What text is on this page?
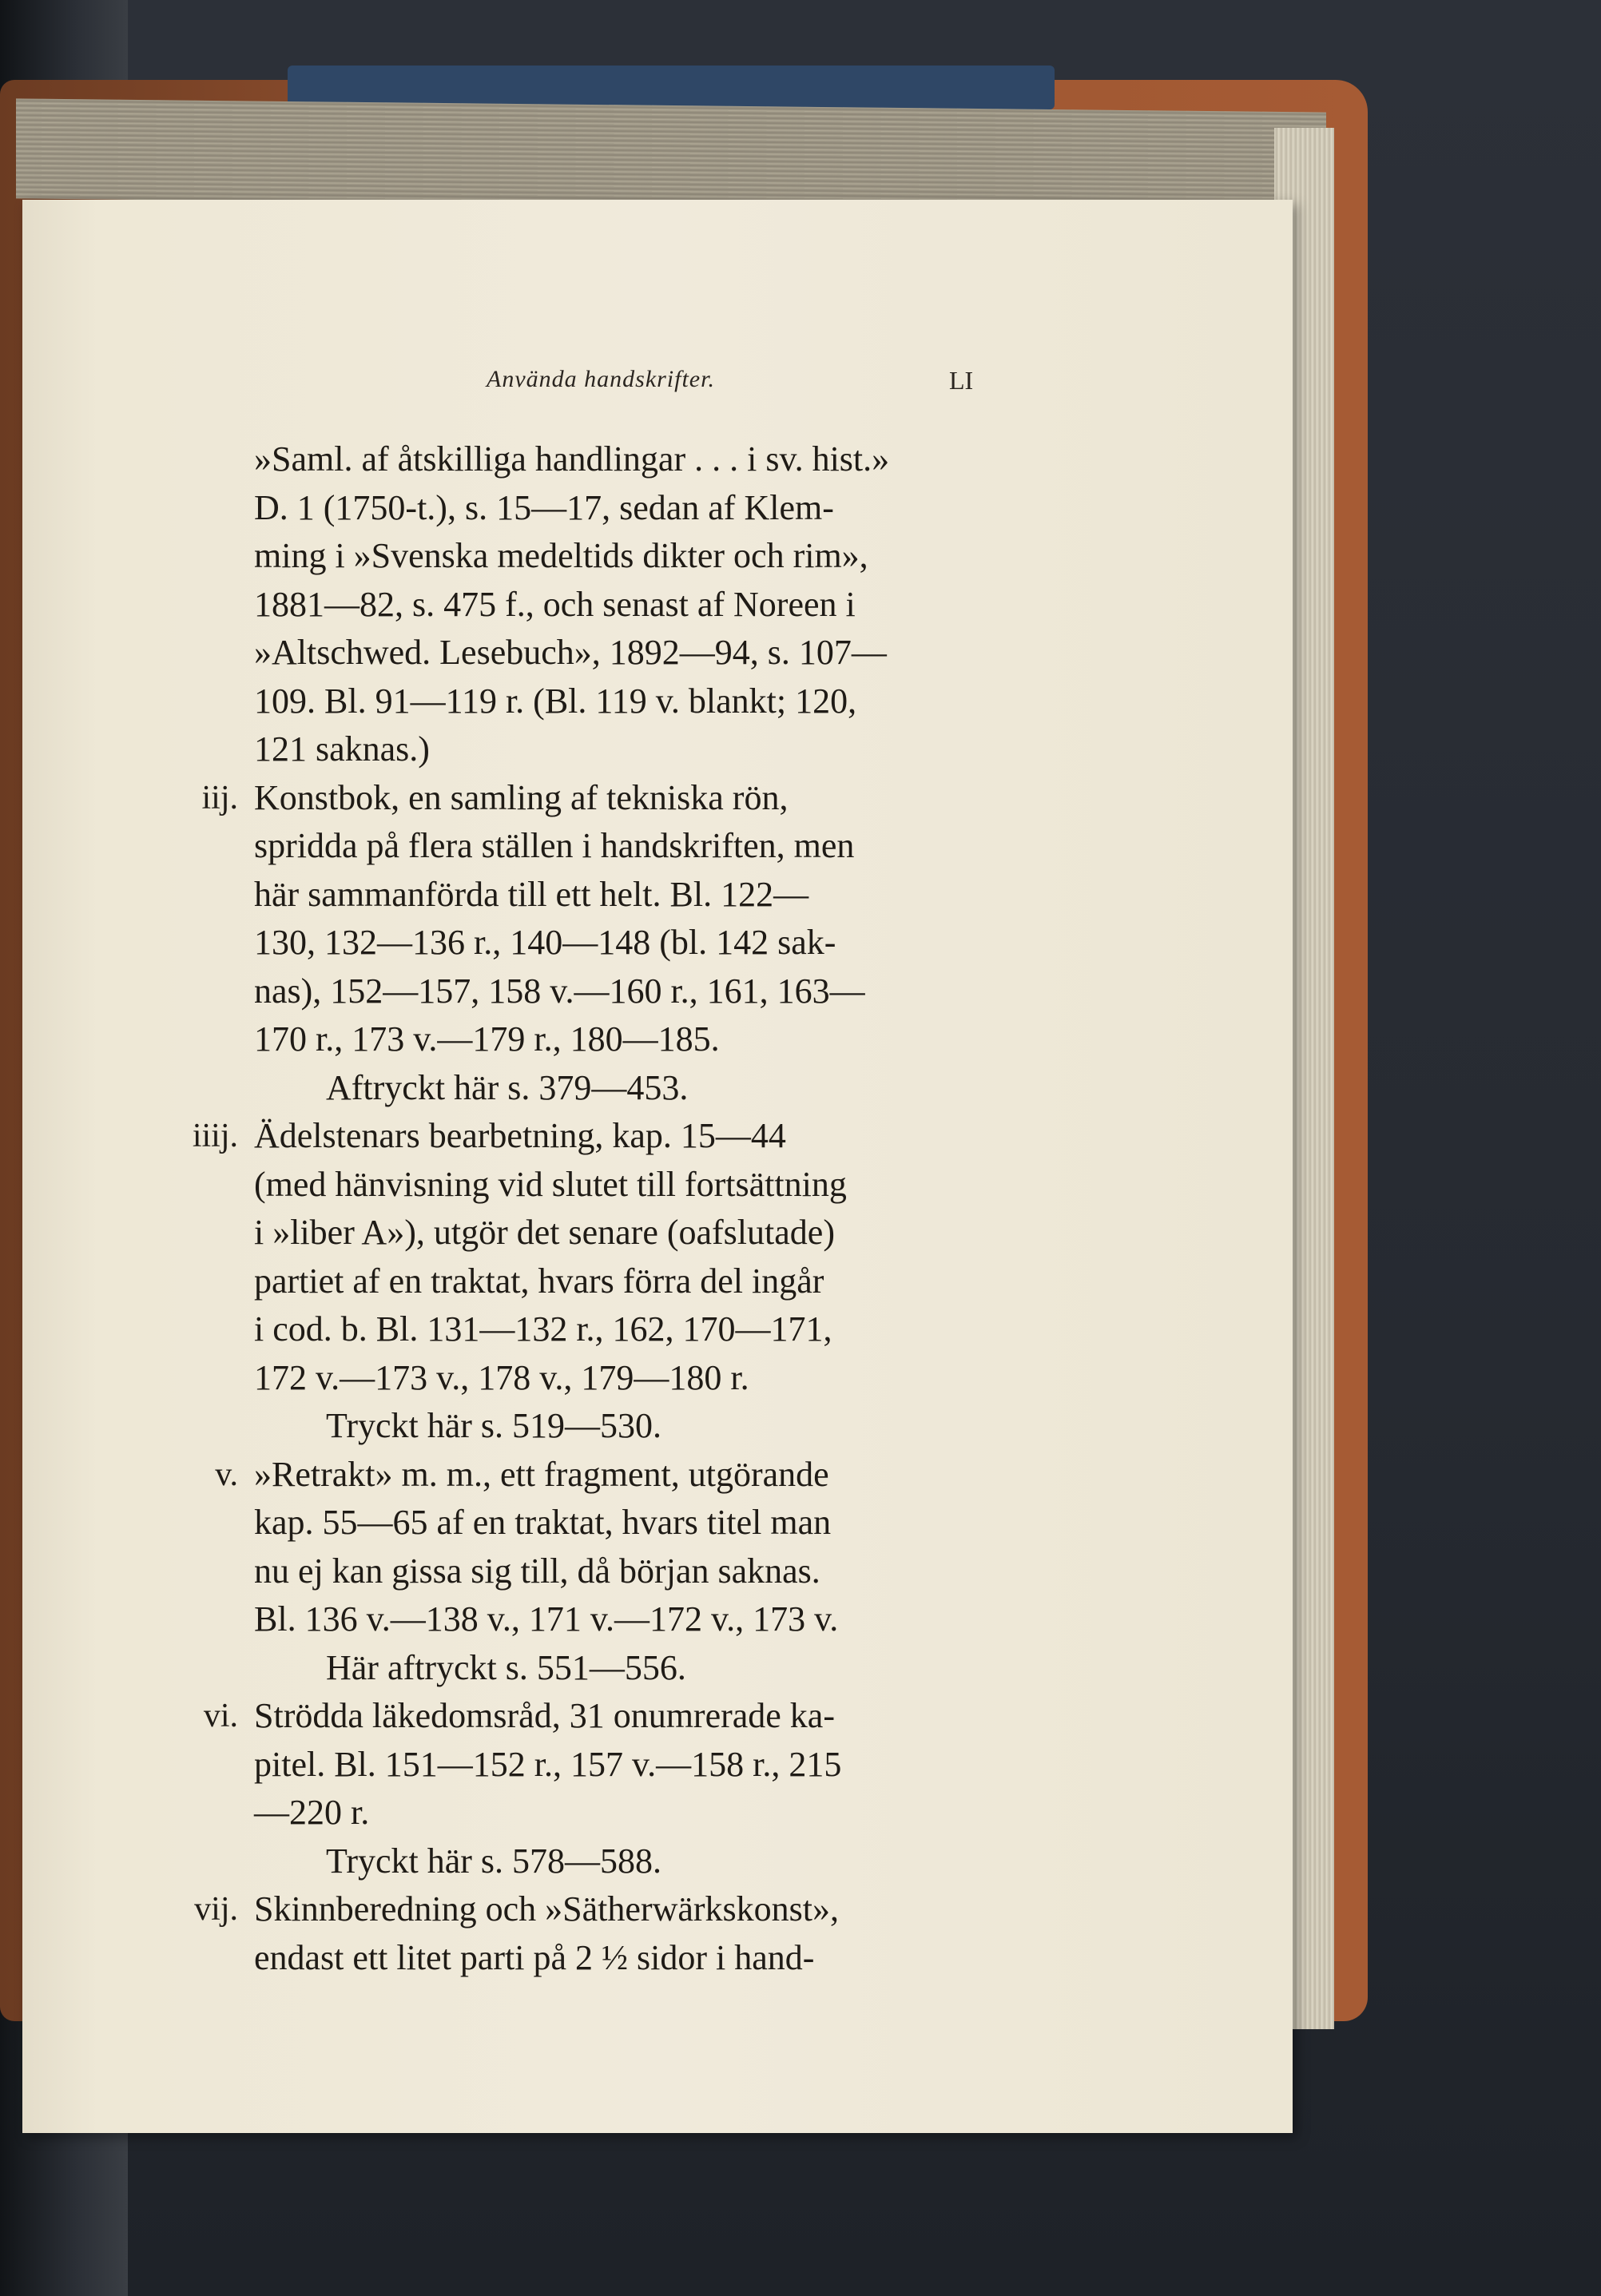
Använda handskrifter.	LI
»Saml. af åtskilliga handlingar . . . i sv. hist.»
D. 1 (1750-t.), s. 15—17, sedan af Klem-
ming i »Svenska medeltids dikter och rim»,
1881—82, s. 475 f., och senast af Noreen i
»Altschwed. Lesebuch», 1892—94, s. 107—
109. Bl. 91—119 r. (Bl. 119 v. blankt; 120,
121 saknas.)
iij. Konstbok, en samling af tekniska rön,
spridda på flera ställen i handskriften, men
här sammanförda till ett helt. Bl. 122—
130, 132—136 r., 140—148 (bl. 142 sak-
nas), 152—157, 158 v.—160 r., 161, 163—
170 r., 173 v.—179 r., 180—185.
Aftryckt här s. 379—453.
iiij. Ädelstenars bearbetning, kap. 15—44
(med hänvisning vid slutet till fortsättning
i »liber A»), utgör det senare (oafslutade)
partiet af en traktat, hvars förra del ingår
i cod. b. Bl. 131—132 r., 162, 170—171,
172 v.—173 v., 178 v., 179—180 r.
Tryckt här s. 519—530.
v. »Retrakt» m. m., ett fragment, utgörande
kap. 55—65 af en traktat, hvars titel man
nu ej kan gissa sig till, då början saknas.
Bl. 136 v.—138 v., 171 v.—172 v., 173 v.
Här aftryckt s. 551—556.
vi. Strödda läkedomsråd, 31 onumrerade ka-
pitel. Bl. 151—152 r., 157 v.—158 r., 215
—220 r.
Tryckt här s. 578—588.
vij. Skinnberedning och »Sätherwärkskonst»,
endast ett litet parti på 2 ½ sidor i hand-
